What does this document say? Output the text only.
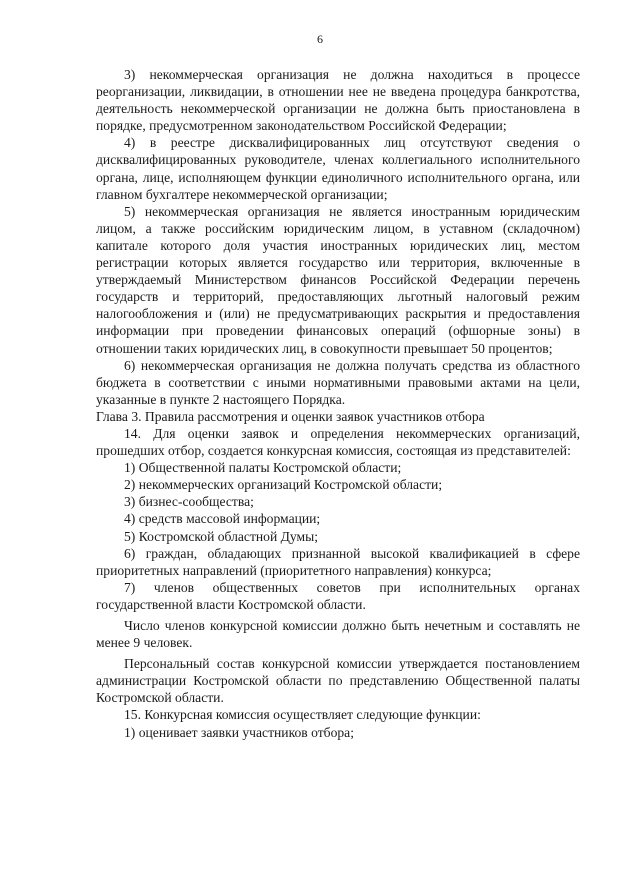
6

3) некоммерческая организация не должна находиться в процессе реорганизации, ликвидации, в отношении нее не введена процедура банкротства, деятельность некоммерческой организации не должна быть приостановлена в порядке, предусмотренном законодательством Российской Федерации;

4) в реестре дисквалифицированных лиц отсутствуют сведения о дисквалифицированных руководителе, членах коллегиального исполнительного органа, лице, исполняющем функции единоличного исполнительного органа, или главном бухгалтере некоммерческой организации;

5) некоммерческая организация не является иностранным юридическим лицом, а также российским юридическим лицом, в уставном (складочном) капитале которого доля участия иностранных юридических лиц, местом регистрации которых является государство или территория, включенные в утверждаемый Министерством финансов Российской Федерации перечень государств и территорий, предоставляющих льготный налоговый режим налогообложения и (или) не предусматривающих раскрытия и предоставления информации при проведении финансовых операций (офшорные зоны) в отношении таких юридических лиц, в совокупности превышает 50 процентов;

6) некоммерческая организация не должна получать средства из областного бюджета в соответствии с иными нормативными правовыми актами на цели, указанные в пункте 2 настоящего Порядка.

Глава 3. Правила рассмотрения и оценки заявок участников отбора

14. Для оценки заявок и определения некоммерческих организаций, прошедших отбор, создается конкурсная комиссия, состоящая из представителей:

1) Общественной палаты Костромской области;

2) некоммерческих организаций Костромской области;

3) бизнес-сообщества;

4) средств массовой информации;

5) Костромской областной Думы;

6) граждан, обладающих признанной высокой квалификацией в сфере приоритетных направлений (приоритетного направления) конкурса;

7) членов общественных советов при исполнительных органах государственной власти Костромской области.

Число членов конкурсной комиссии должно быть нечетным и составлять не менее 9 человек.

Персональный состав конкурсной комиссии утверждается постановлением администрации Костромской области по представлению Общественной палаты Костромской области.

15. Конкурсная комиссия осуществляет следующие функции:

1) оценивает заявки участников отбора;
